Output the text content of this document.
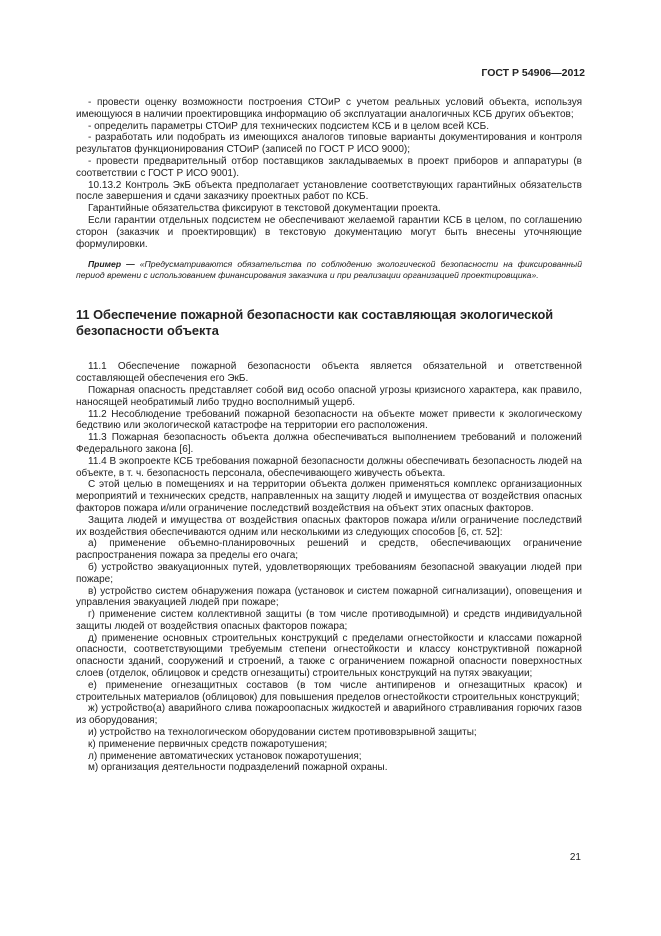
ГОСТ Р 54906—2012

- провести оценку возможности построения СТОиР с учетом реальных условий объекта, используя имеющуюся в наличии проектировщика информацию об эксплуатации аналогичных КСБ других объектов;

- определить параметры СТОиР для технических подсистем КСБ и в целом всей КСБ.

- разработать или подобрать из имеющихся аналогов типовые варианты документирования и контроля результатов функционирования СТОиР (записей по ГОСТ Р ИСО 9000);

- провести предварительный отбор поставщиков закладываемых в проект приборов и аппаратуры (в соответствии с ГОСТ Р ИСО 9001).

10.13.2 Контроль ЭкБ объекта предполагает установление соответствующих гарантийных обязательств после завершения и сдачи заказчику проектных работ по КСБ.

Гарантийные обязательства фиксируют в текстовой документации проекта.

Если гарантии отдельных подсистем не обеспечивают желаемой гарантии КСБ в целом, по соглашению сторон (заказчик и проектировщик) в текстовую документацию могут быть внесены уточняющие формулировки.

Пример — «Предусматриваются обязательства по соблюдению экологической безопасности на фиксированный период времени с использованием финансирования заказчика и при реализации организацией проектировщика».
11 Обеспечение пожарной безопасности как составляющая экологической безопасности объекта

11.1 Обеспечение пожарной безопасности объекта является обязательной и ответственной составляющей обеспечения его ЭкБ.

Пожарная опасность представляет собой вид особо опасной угрозы кризисного характера, как правило, наносящей необратимый либо трудно восполнимый ущерб.

11.2 Несоблюдение требований пожарной безопасности на объекте может привести к экологическому бедствию или экологической катастрофе на территории его расположения.

11.3 Пожарная безопасность объекта должна обеспечиваться выполнением требований и положений Федерального закона [6].

11.4 В экопроекте КСБ требования пожарной безопасности должны обеспечивать безопасность людей на объекте, в т. ч. безопасность персонала, обеспечивающего живучесть объекта.

С этой целью в помещениях и на территории объекта должен применяться комплекс организационных мероприятий и технических средств, направленных на защиту людей и имущества от воздействия опасных факторов пожара и/или ограничение последствий воздействия на объект этих опасных факторов.

Защита людей и имущества от воздействия опасных факторов пожара и/или ограничение последствий их воздействия обеспечиваются одним или несколькими из следующих способов [6, ст. 52]:

а) применение объемно-планировочных решений и средств, обеспечивающих ограничение распространения пожара за пределы его очага;

б) устройство эвакуационных путей, удовлетворяющих требованиям безопасной эвакуации людей при пожаре;

в) устройство систем обнаружения пожара (установок и систем пожарной сигнализации), оповещения и управления эвакуацией людей при пожаре;

г) применение систем коллективной защиты (в том числе противодымной) и средств индивидуальной защиты людей от воздействия опасных факторов пожара;

д) применение основных строительных конструкций с пределами огнестойкости и классами пожарной опасности, соответствующими требуемым степени огнестойкости и классу конструктивной пожарной опасности зданий, сооружений и строений, а также с ограничением пожарной опасности поверхностных слоев (отделок, облицовок и средств огнезащиты) строительных конструкций на путях эвакуации;

е) применение огнезащитных составов (в том числе антипиренов и огнезащитных красок) и строительных материалов (облицовок) для повышения пределов огнестойкости строительных конструкций;

ж) устройство(а) аварийного слива пожароопасных жидкостей и аварийного стравливания горючих газов из оборудования;

и) устройство на технологическом оборудовании систем противовзрывной защиты;

к) применение первичных средств пожаротушения;

л) применение автоматических установок пожаротушения;

м) организация деятельности подразделений пожарной охраны.

21
